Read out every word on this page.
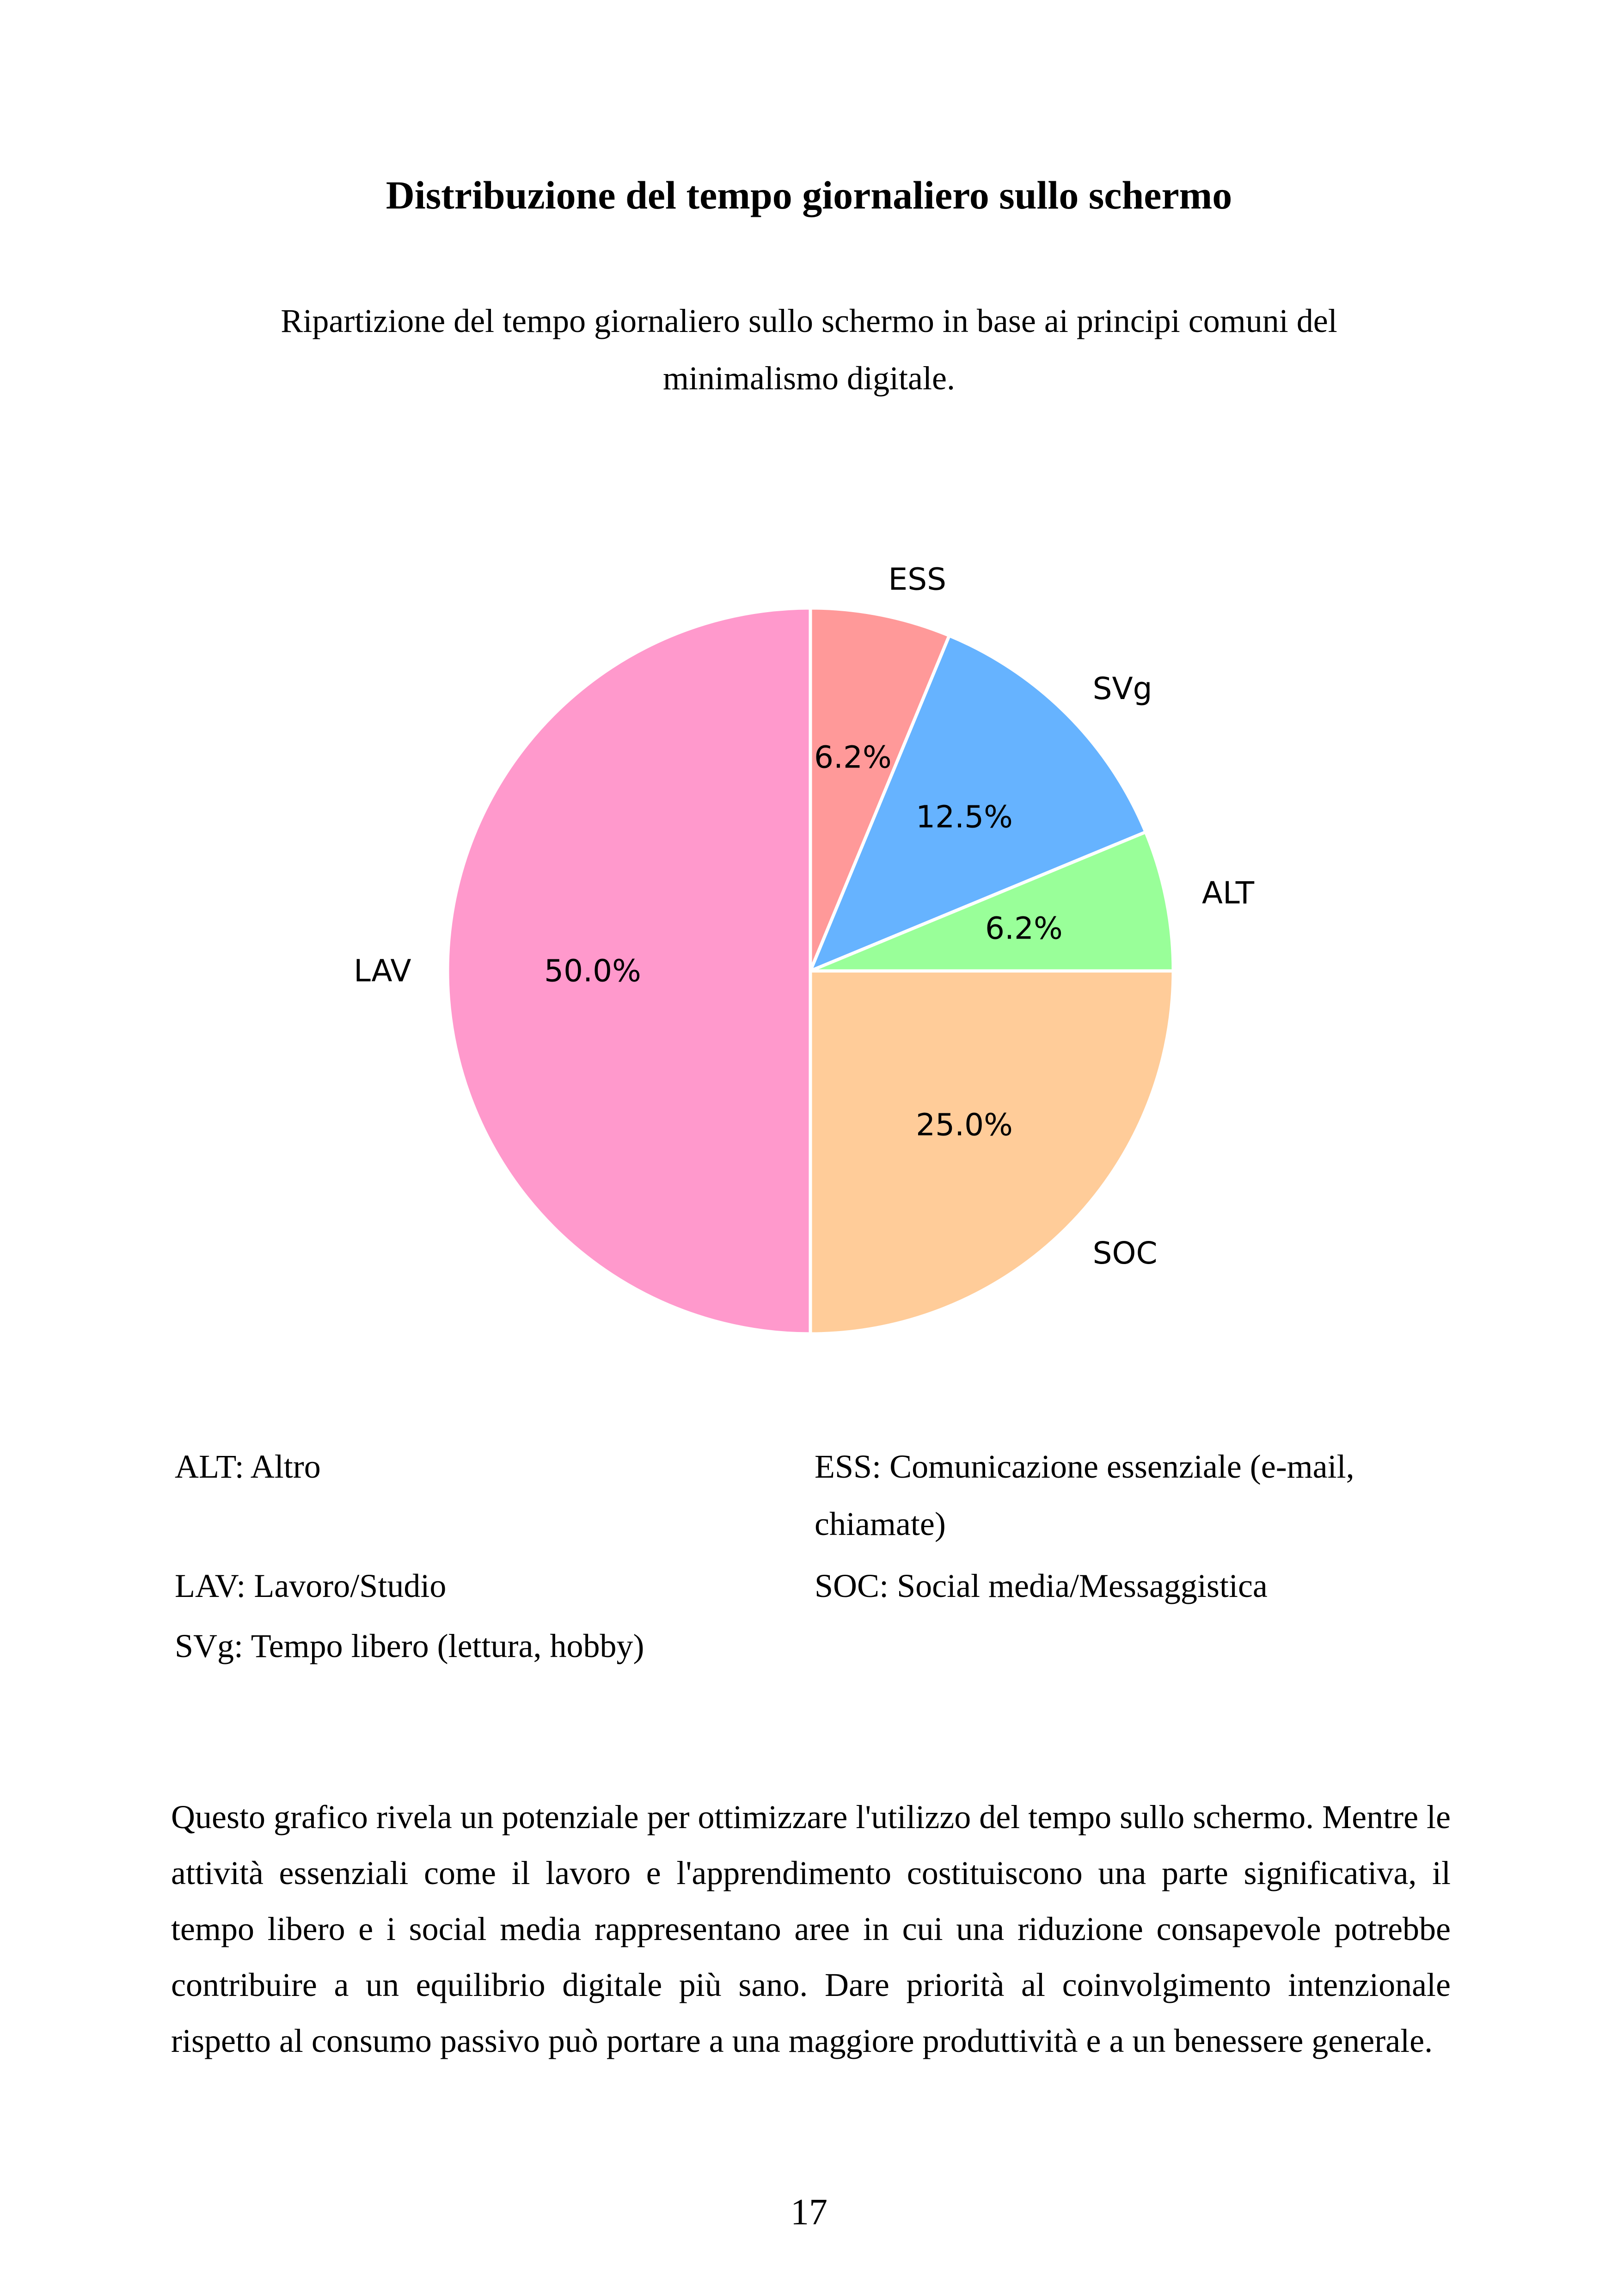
Distribuzione del tempo giornaliero sullo schermo
Ripartizione del tempo giornaliero sullo schermo in base ai principi comuni del minimalismo digitale.
6.2%
12.5%
6.2%
25.0%
50.0%
ESS
SVg
ALT
SOC
LAV
ALT: Altro	ESS: Comunicazione essenziale (e-mail, chiamate)
LAV: Lavoro/Studio	SOC: Social media/Messaggistica
SVg: Tempo libero (lettura, hobby)
Questo grafico rivela un potenziale per ottimizzare l'utilizzo del tempo sullo schermo. Mentre le attività essenziali come il lavoro e l'apprendimento costituiscono una parte significativa, il tempo libero e i social media rappresentano aree in cui una riduzione consapevole potrebbe contribuire a un equilibrio digitale più sano. Dare priorità al coinvolgimento intenzionale rispetto al consumo passivo può portare a una maggiore produttività e a un benessere generale.
17
